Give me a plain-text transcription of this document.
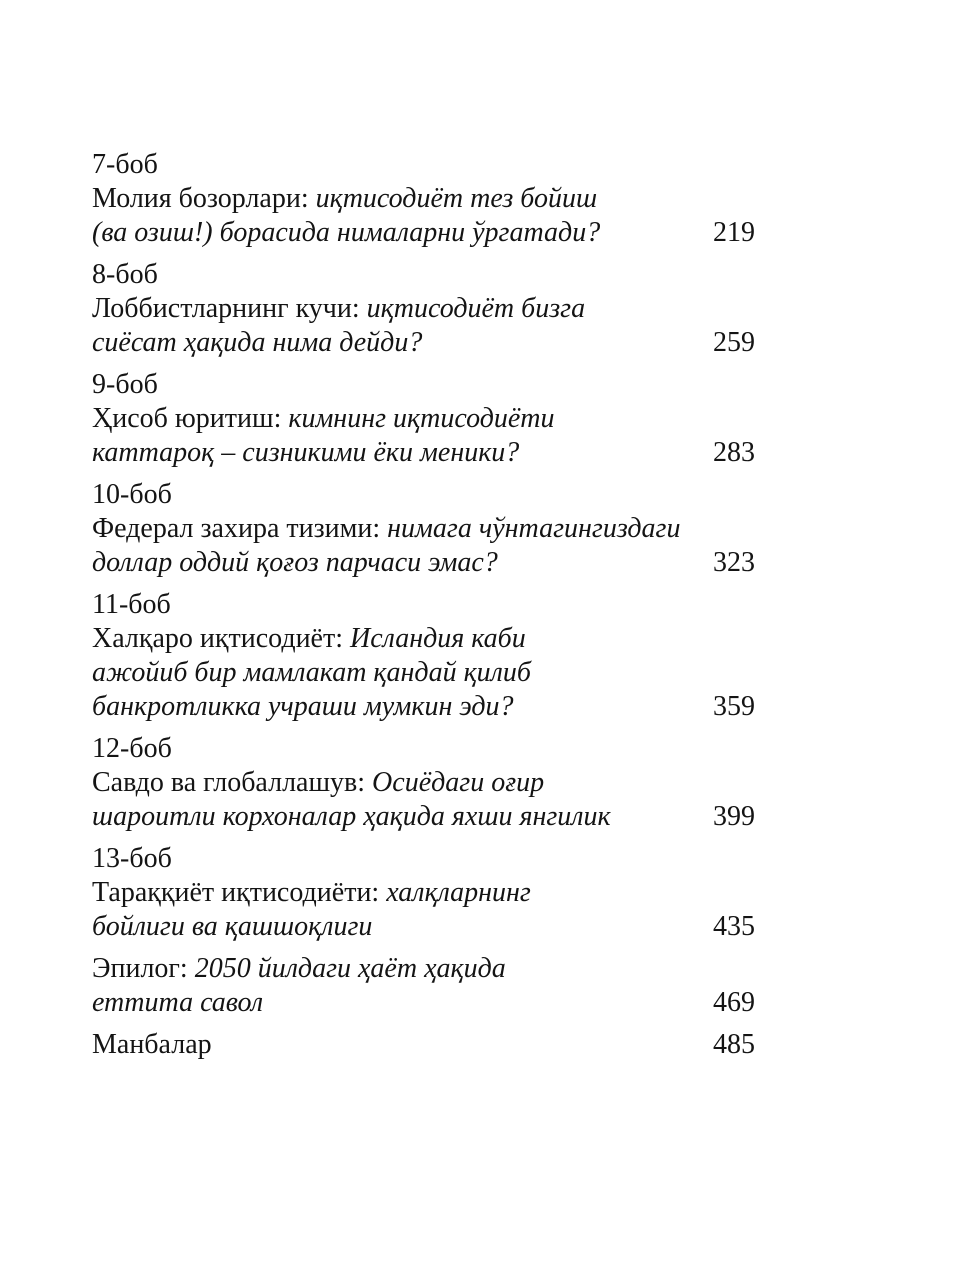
7-боб
Молия бозорлари: иқтисодиёт тез бойиш
(ва озиш!) борасида нималарни ўргатади?	219
8-боб
Лоббистларнинг кучи: иқтисодиёт бизга
сиёсат ҳақида нима дейди?	259
9-боб
Ҳисоб юритиш: кимнинг иқтисодиёти
каттароқ – сизникими ёки меники?	283
10-боб
Федерал захира тизими: нимага чўнтагингиздаги
доллар оддий қоғоз парчаси эмас?	323
11-боб
Халқаро иқтисодиёт: Исландия каби
ажойиб бир мамлакат қандай қилиб
банкротликка учраши мумкин эди?	359
12-боб
Савдо ва глобаллашув: Осиёдаги оғир
шароитли корхоналар ҳақида яхши янгилик	399
13-боб
Тараққиёт иқтисодиёти: халқларнинг
бойлиги ва қашшоқлиги	435
Эпилог: 2050 йилдаги ҳаёт ҳақида
еттита савол	469
Манбалар	485
